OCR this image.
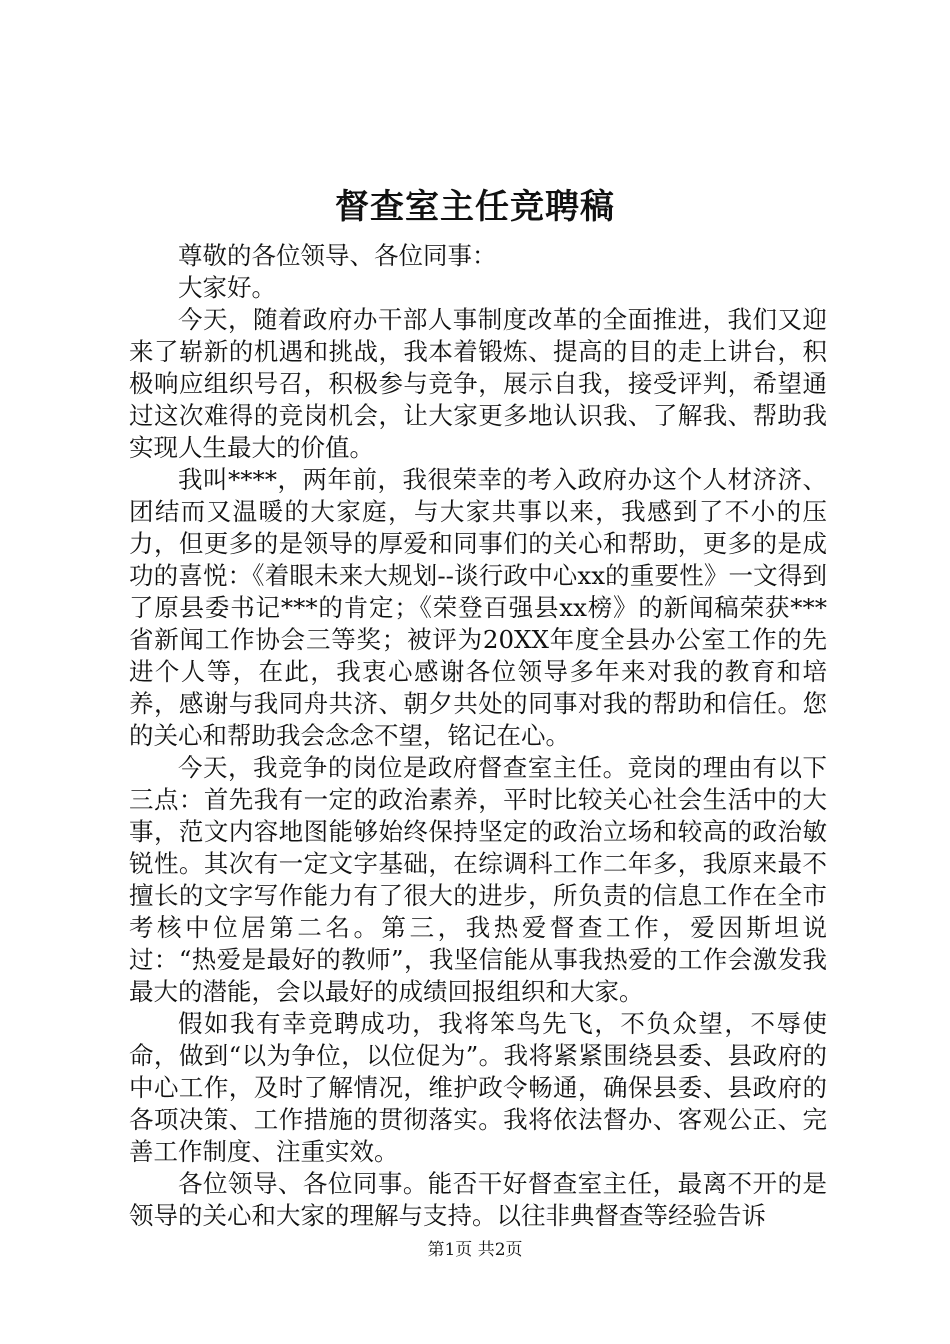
督查室主任竞聘稿

尊敬的各位领导、各位同事：

大家好。

今天，随着政府办干部人事制度改革的全面推进，我们又迎来了崭新的机遇和挑战，我本着锻炼、提高的目的走上讲台，积极响应组织号召，积极参与竞争，展示自我，接受评判，希望通过这次难得的竞岗机会，让大家更多地认识我、了解我、帮助我实现人生最大的价值。

我叫****，两年前，我很荣幸的考入政府办这个人材济济、团结而又温暖的大家庭，与大家共事以来，我感到了不小的压力，但更多的是领导的厚爱和同事们的关心和帮助，更多的是成功的喜悦：《着眼未来大规划--谈行政中心xx的重要性》一文得到了原县委书记***的肯定；《荣登百强县xx榜》的新闻稿荣获***省新闻工作协会三等奖；被评为20XX年度全县办公室工作的先进个人等，在此，我衷心感谢各位领导多年来对我的教育和培养，感谢与我同舟共济、朝夕共处的同事对我的帮助和信任。您的关心和帮助我会念念不望，铭记在心。

今天，我竞争的岗位是政府督查室主任。竞岗的理由有以下三点：首先我有一定的政治素养，平时比较关心社会生活中的大事，范文内容地图能够始终保持坚定的政治立场和较高的政治敏锐性。其次有一定文字基础，在综调科工作二年多，我原来最不擅长的文字写作能力有了很大的进步，所负责的信息工作在全市考核中位居第二名。第三，我热爱督查工作，爱因斯坦说过：“热爱是最好的教师”，我坚信能从事我热爱的工作会激发我最大的潜能，会以最好的成绩回报组织和大家。

假如我有幸竞聘成功，我将笨鸟先飞，不负众望，不辱使命，做到“以为争位，以位促为”。我将紧紧围绕县委、县政府的中心工作，及时了解情况，维护政令畅通，确保县委、县政府的各项决策、工作措施的贯彻落实。我将依法督办、客观公正、完善工作制度、注重实效。

各位领导、各位同事。能否干好督查室主任，最离不开的是领导的关心和大家的理解与支持。以往非典督查等经验告诉

第1页 共2页
